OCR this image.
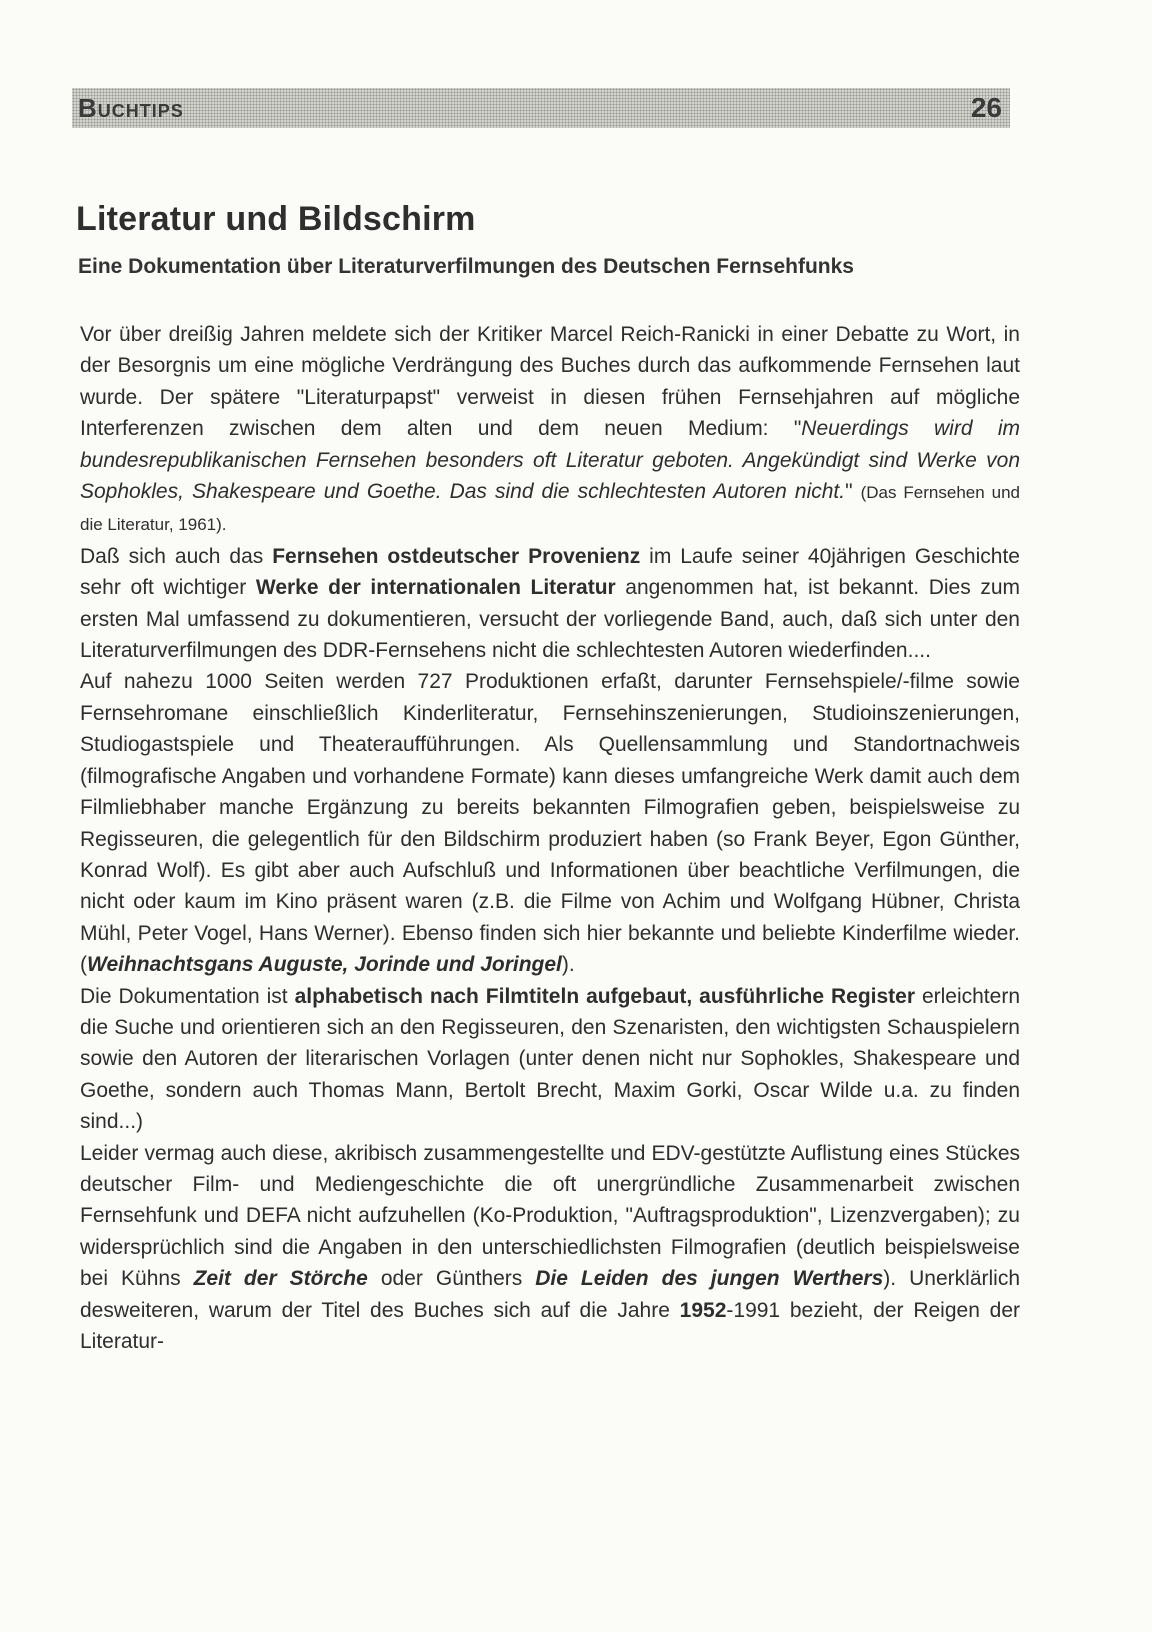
Buchtips	26
Literatur und Bildschirm
Eine Dokumentation über Literaturverfilmungen des Deutschen Fernsehfunks

Vor über dreißig Jahren meldete sich der Kritiker Marcel Reich-Ranicki in einer Debatte zu Wort, in der Besorgnis um eine mögliche Verdrängung des Buches durch das aufkommende Fernsehen laut wurde. Der spätere "Literaturpapst" verweist in diesen frühen Fernsehjahren auf mögliche Interferenzen zwischen dem alten und dem neuen Medium: "Neuerdings wird im bundesrepublikanischen Fernsehen besonders oft Literatur geboten. Angekündigt sind Werke von Sophokles, Shakespeare und Goethe. Das sind die schlechtesten Autoren nicht." (Das Fernsehen und die Literatur, 1961).

Daß sich auch das Fernsehen ostdeutscher Provenienz im Laufe seiner 40jährigen Geschichte sehr oft wichtiger Werke der internationalen Literatur angenommen hat, ist bekannt. Dies zum ersten Mal umfassend zu dokumentieren, versucht der vorliegende Band, auch, daß sich unter den Literaturverfilmungen des DDR-Fernsehens nicht die schlechtesten Autoren wiederfinden....

Auf nahezu 1000 Seiten werden 727 Produktionen erfaßt, darunter Fernsehspiele/-filme sowie Fernsehromane einschließlich Kinderliteratur, Fernsehinszenierungen, Studioinszenierungen, Studiogastspiele und Theateraufführungen. Als Quellensammlung und Standortnachweis (filmografische Angaben und vorhandene Formate) kann dieses umfangreiche Werk damit auch dem Filmliebhaber manche Ergänzung zu bereits bekannten Filmografien geben, beispielsweise zu Regisseuren, die gelegentlich für den Bildschirm produziert haben (so Frank Beyer, Egon Günther, Konrad Wolf). Es gibt aber auch Aufschluß und Informationen über beachtliche Verfilmungen, die nicht oder kaum im Kino präsent waren (z.B. die Filme von Achim und Wolfgang Hübner, Christa Mühl, Peter Vogel, Hans Werner). Ebenso finden sich hier bekannte und beliebte Kinderfilme wieder. (Weihnachtsgans Auguste, Jorinde und Joringel).

Die Dokumentation ist alphabetisch nach Filmtiteln aufgebaut, ausführliche Register erleichtern die Suche und orientieren sich an den Regisseuren, den Szenaristen, den wichtigsten Schauspielern sowie den Autoren der literarischen Vorlagen (unter denen nicht nur Sophokles, Shakespeare und Goethe, sondern auch Thomas Mann, Bertolt Brecht, Maxim Gorki, Oscar Wilde u.a. zu finden sind...)

Leider vermag auch diese, akribisch zusammengestellte und EDV-gestützte Auflistung eines Stückes deutscher Film- und Mediengeschichte die oft unergründliche Zusammenarbeit zwischen Fernsehfunk und DEFA nicht aufzuhellen (Ko-Produktion, "Auftragsproduktion", Lizenzvergaben); zu widersprüchlich sind die Angaben in den unterschiedlichsten Filmografien (deutlich beispielsweise bei Kühns Zeit der Störche oder Günthers Die Leiden des jungen Werthers). Unerklärlich desweiteren, warum der Titel des Buches sich auf die Jahre 1952-1991 bezieht, der Reigen der Literatur-
